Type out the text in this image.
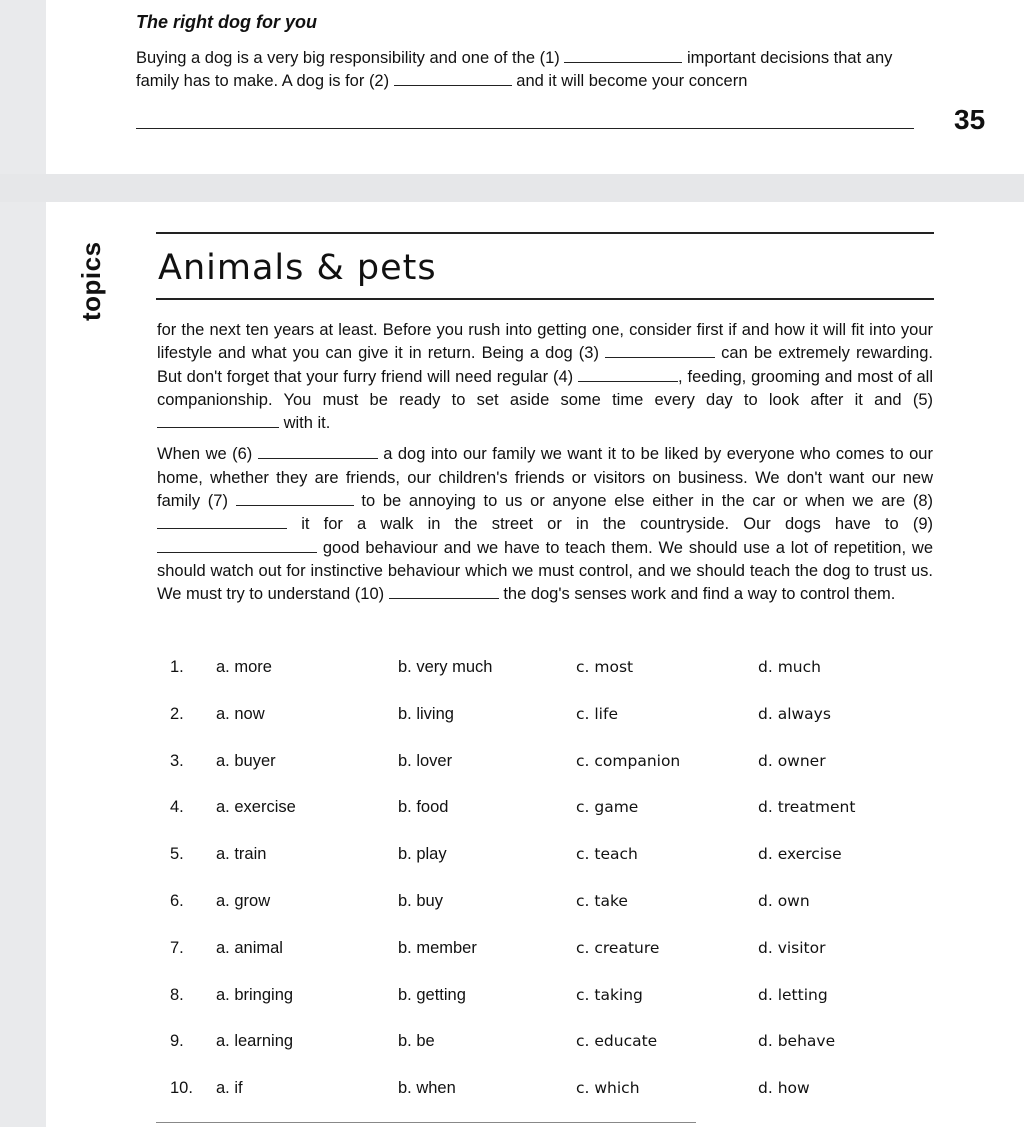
The right dog for you
Buying a dog is a very big responsibility and one of the (1)	important decisions that any family has to make. A dog is for (2)	and it will become your concern
35
topics Animals & pets

for the next ten years at least. Before you rush into getting one, consider first if and how it will fit into your lifestyle and what you can give it in return. Being a dog (3)	can be extremely rewarding. But don't forget that your furry friend will need regular (4)	, feeding, grooming and most of all companionship. You must be ready to set aside some time every day to look after it and (5)  with it.

When we (6)	a dog into our family we want it to be liked by everyone who comes to our home, whether they are friends, our children's friends or visitors on business. We don't want our new family (7)	to be annoying to us or anyone else either in the car or when we are (8)  it for a walk in the street or in the countryside. Our dogs have to (9)  good behaviour and we have to teach them. We should use a lot of repetition, we should watch out for instinctive behaviour which we must control, and we should teach the dog to trust us. We must try to understand (10)	the dog's senses work and find a way to control them.

1. a. more	b. very much	c. most	d. much
2. a. now	b. living	c. life	d. always
3. a. buyer	b. lover	c. companion	d. owner
4. a. exercise	b. food	c. game	d. treatment
5. a. train	b. play	c. teach	d. exercise
6. a. grow	b. buy	c. take	d. own
7. a. animal	b. member	c. creature	d. visitor
8. a. bringing	b. getting	c. taking	d. letting
9. a. learning	b. be	c. educate	d. behave
10. a. if	b. when	c. which	d. how
